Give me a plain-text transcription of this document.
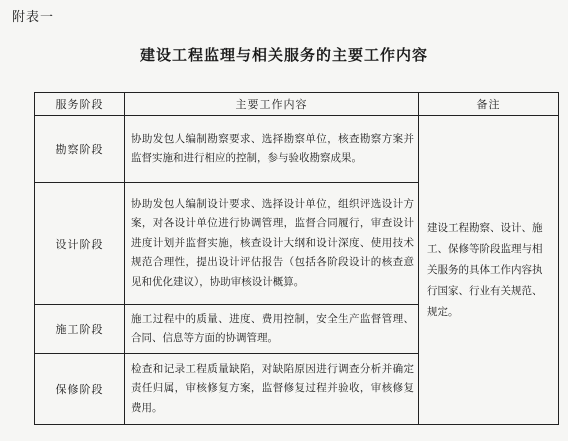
附表一
建设工程监理与相关服务的主要工作内容
服务阶段	主要工作内容	备注
勘察阶段	协助发包人编制勘察要求、选择勘察单位，核查勘察方案并监督实施和进行相应的控制，参与验收勘察成果。	建设工程勘察、设计、施工、保修等阶段监理与相关服务的具体工作内容执行国家、行业有关规范、规定。
设计阶段	协助发包人编制设计要求、选择设计单位，组织评选设计方案，对各设计单位进行协调管理，监督合同履行，审查设计进度计划并监督实施，核查设计大纲和设计深度、使用技术规范合理性，提出设计评估报告（包括各阶段设计的核查意见和优化建议），协助审核设计概算。	
施工阶段	施工过程中的质量、进度、费用控制，安全生产监督管理、合同、信息等方面的协调管理。	
保修阶段	检查和记录工程质量缺陷，对缺陷原因进行调查分析并确定责任归属，审核修复方案，监督修复过程并验收，审核修复费用。	
